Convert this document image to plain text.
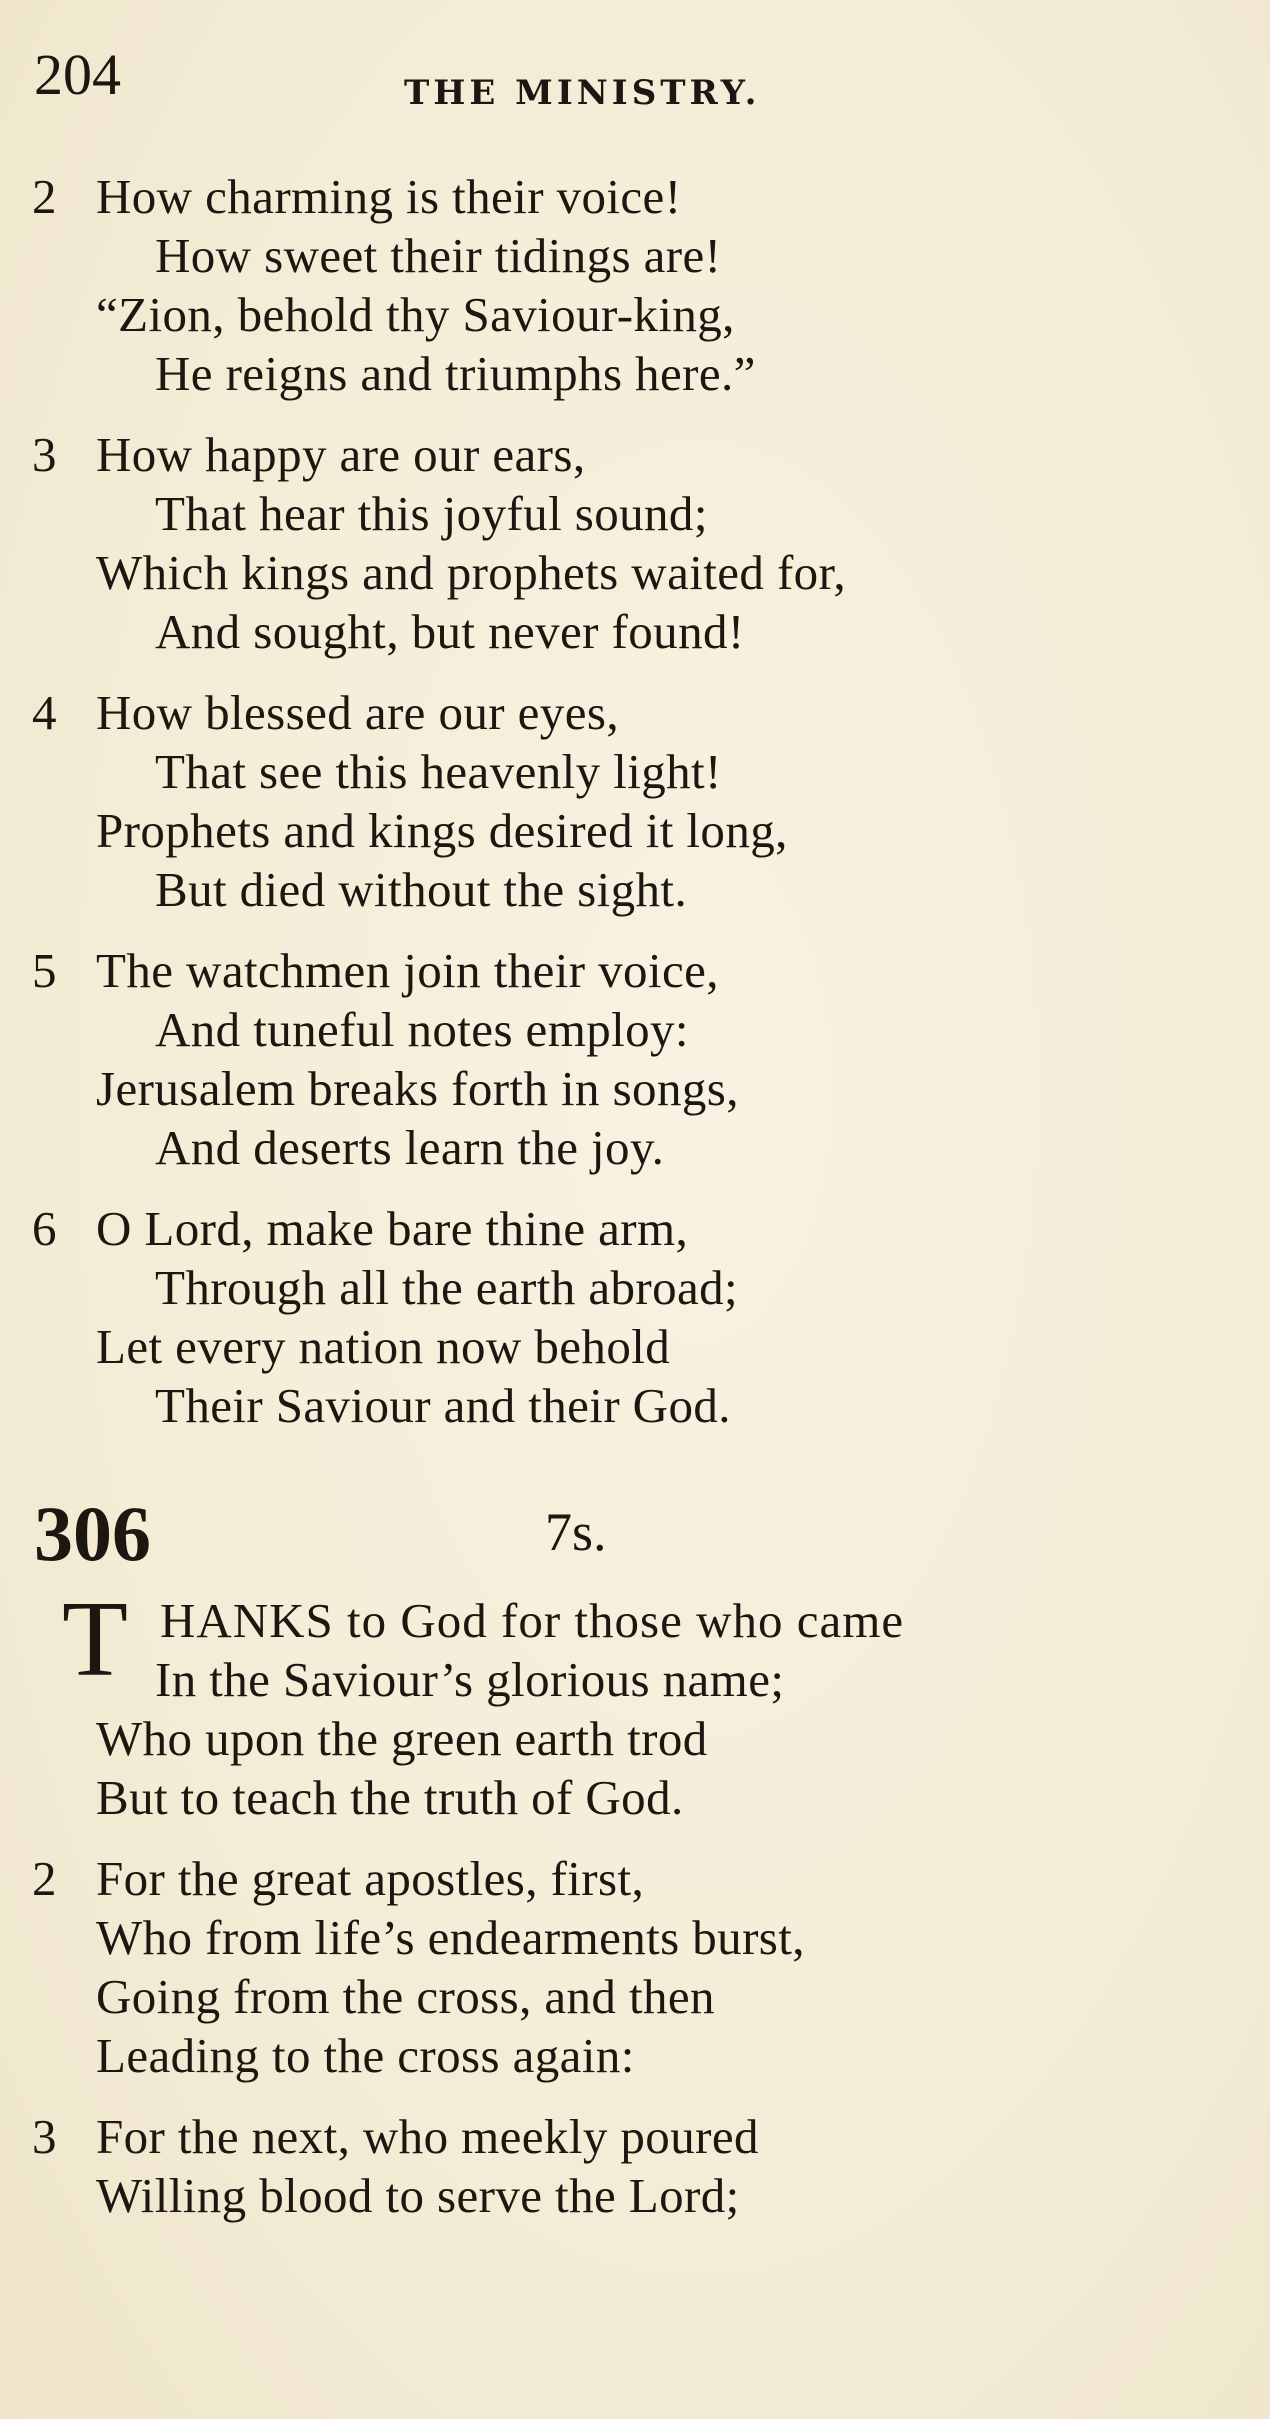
204	THE MINISTRY.
2 How charming is their voice!
How sweet their tidings are!
“Zion, behold thy Saviour-king,
He reigns and triumphs here.”
3 How happy are our ears,
That hear this joyful sound;
Which kings and prophets waited for,
And sought, but never found!
4 How blessed are our eyes,
That see this heavenly light!
Prophets and kings desired it long,
But died without the sight.
5 The watchmen join their voice,
And tuneful notes employ:
Jerusalem breaks forth in songs,
And deserts learn the joy.
6 O Lord, make bare thine arm,
Through all the earth abroad;
Let every nation now behold
Their Saviour and their God.
306	7s.
T HANKS to God for those who came
In the Saviour’s glorious name;
Who upon the green earth trod
But to teach the truth of God.
2 For the great apostles, first,
Who from life’s endearments burst,
Going from the cross, and then
Leading to the cross again:
3 For the next, who meekly poured
Willing blood to serve the Lord;
